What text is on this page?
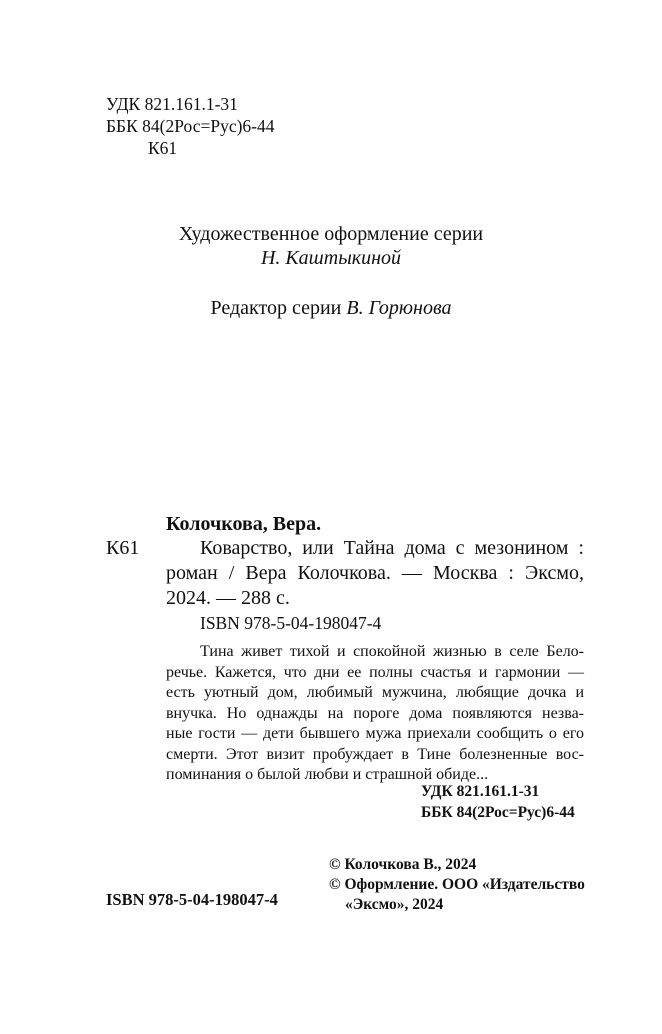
УДК 821.161.1-31
ББК 84(2Рос=Рус)6-44
К61
Художественное оформление серии
Н. Каштыкиной
Редактор серии В. Горюнова
Колочкова, Вера.
К61	Коварство, или Тайна дома с мезонином :
роман / Вера Колочкова. — Москва : Эксмо,
2024. — 288 с.
ISBN 978-5-04-198047-4
Тина живет тихой и спокойной жизнью в селе Бело-
речье. Кажется, что дни ее полны счастья и гармонии —
есть уютный дом, любимый мужчина, любящие дочка и
внучка. Но однажды на пороге дома появляются незва-
ные гости — дети бывшего мужа приехали сообщить о его
смерти. Этот визит пробуждает в Тине болезненные вос-
поминания о былой любви и страшной обиде...
УДК 821.161.1-31
ББК 84(2Рос=Рус)6-44
© Колочкова В., 2024
© Оформление. ООО «Издательство
«Эксмо», 2024
ISBN 978-5-04-198047-4
